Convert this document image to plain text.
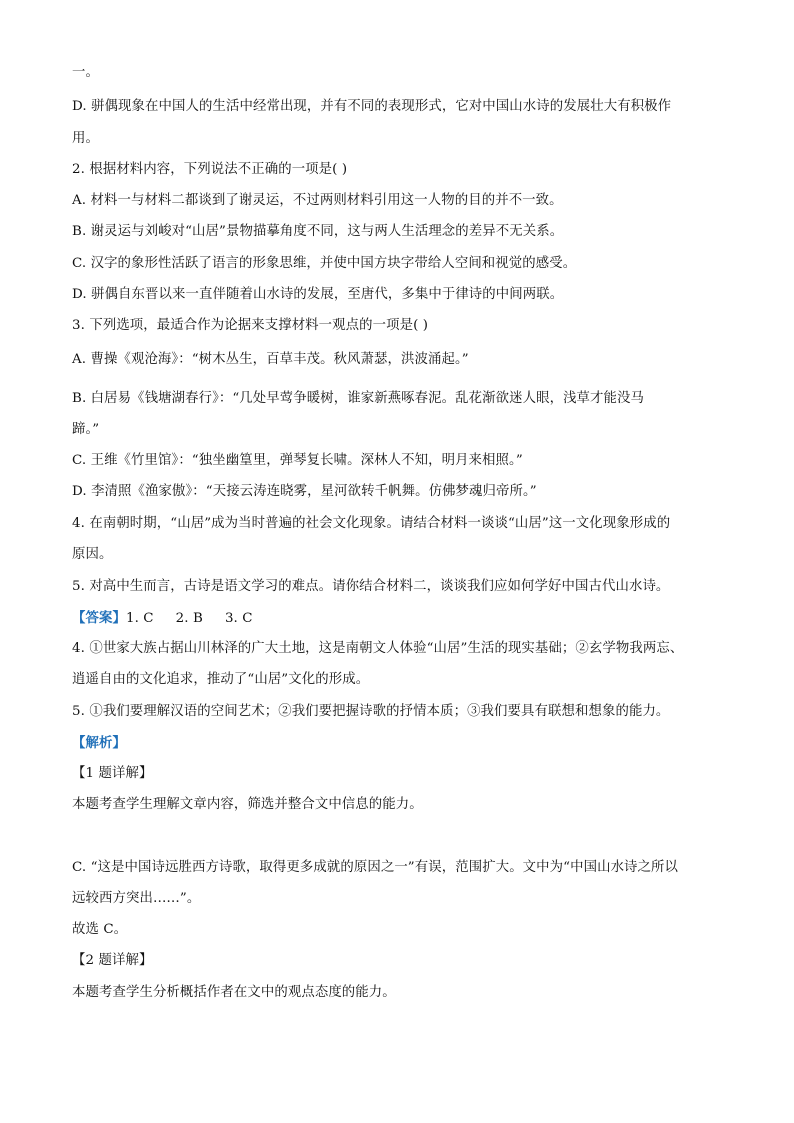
一。

D. 骈偶现象在中国人的生活中经常出现，并有不同的表现形式，它对中国山水诗的发展壮大有积极作

用。

2. 根据材料内容，下列说法不正确的一项是( )

A. 材料一与材料二都谈到了谢灵运，不过两则材料引用这一人物的目的并不一致。

B. 谢灵运与刘峻对“山居”景物描摹角度不同，这与两人生活理念的差异不无关系。

C. 汉字的象形性活跃了语言的形象思维，并使中国方块字带给人空间和视觉的感受。

D. 骈偶自东晋以来一直伴随着山水诗的发展，至唐代，多集中于律诗的中间两联。

3. 下列选项，最适合作为论据来支撑材料一观点的一项是( )

A. 曹操《观沧海》：“树木丛生，百草丰茂。秋风萧瑟，洪波涌起。”

B. 白居易《钱塘湖春行》：“几处早莺争暖树，谁家新燕啄春泥。乱花渐欲迷人眼，浅草才能没马

蹄。”

C. 王维《竹里馆》：“独坐幽篁里，弹琴复长啸。深林人不知，明月来相照。”

D. 李清照《渔家傲》：“天接云涛连晓雾，星河欲转千帆舞。仿佛梦魂归帝所。”

4. 在南朝时期，“山居”成为当时普遍的社会文化现象。请结合材料一谈谈“山居”这一文化现象形成的

原因。

5. 对高中生而言，古诗是语文学习的难点。请你结合材料二，谈谈我们应如何学好中国古代山水诗。

【答案】1. C 2. B 3. C

4. ①世家大族占据山川林泽的广大土地，这是南朝文人体验“山居”生活的现实基础；②玄学物我两忘、

逍遥自由的文化追求，推动了“山居”文化的形成。

5. ①我们要理解汉语的空间艺术；②我们要把握诗歌的抒情本质；③我们要具有联想和想象的能力。

【解析】

【1 题详解】

本题考查学生理解文章内容，筛选并整合文中信息的能力。

C. “这是中国诗远胜西方诗歌，取得更多成就的原因之一”有误，范围扩大。文中为“中国山水诗之所以

远较西方突出……”。

故选 C。

【2 题详解】

本题考查学生分析概括作者在文中的观点态度的能力。
